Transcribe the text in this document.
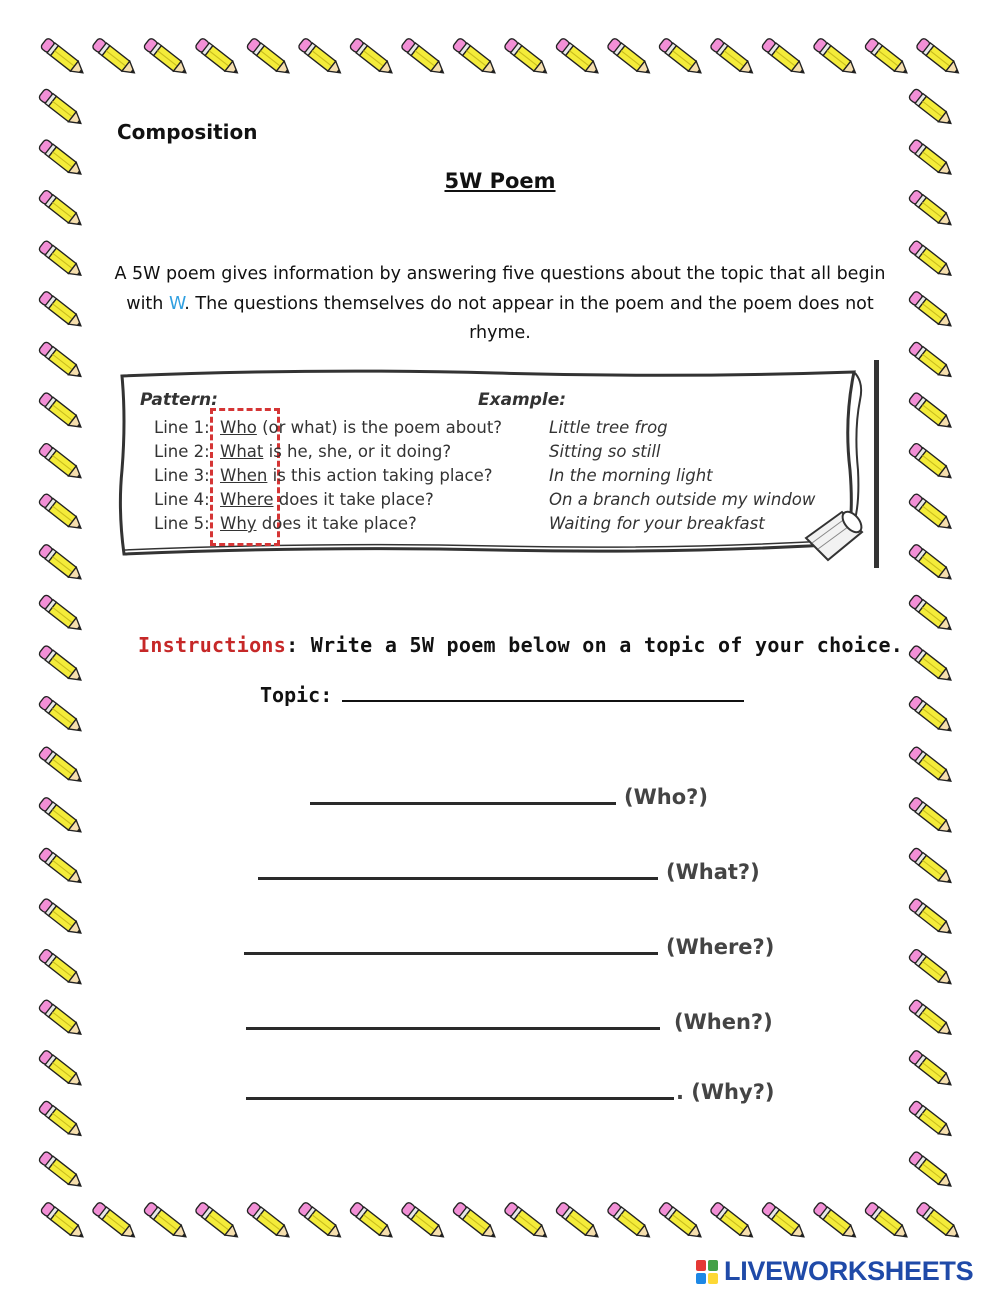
Composition
5W Poem
A 5W poem gives information by answering five questions about the topic that all begin with W. The questions themselves do not appear in the poem and the poem does not rhyme.
Pattern:	Example:
Line 1: Who (or what) is the poem about?
Line 2: What is he, she, or it doing?
Line 3: When is this action taking place?
Line 4: Where does it take place?
Line 5: Why does it take place?
Little tree frog
Sitting so still
In the morning light
On a branch outside my window
Waiting for your breakfast
Instructions: Write a 5W poem below on a topic of your choice.
Topic:
(Who?)
(What?)
(Where?)
(When?)
. (Why?)
LIVEWORKSHEETS
